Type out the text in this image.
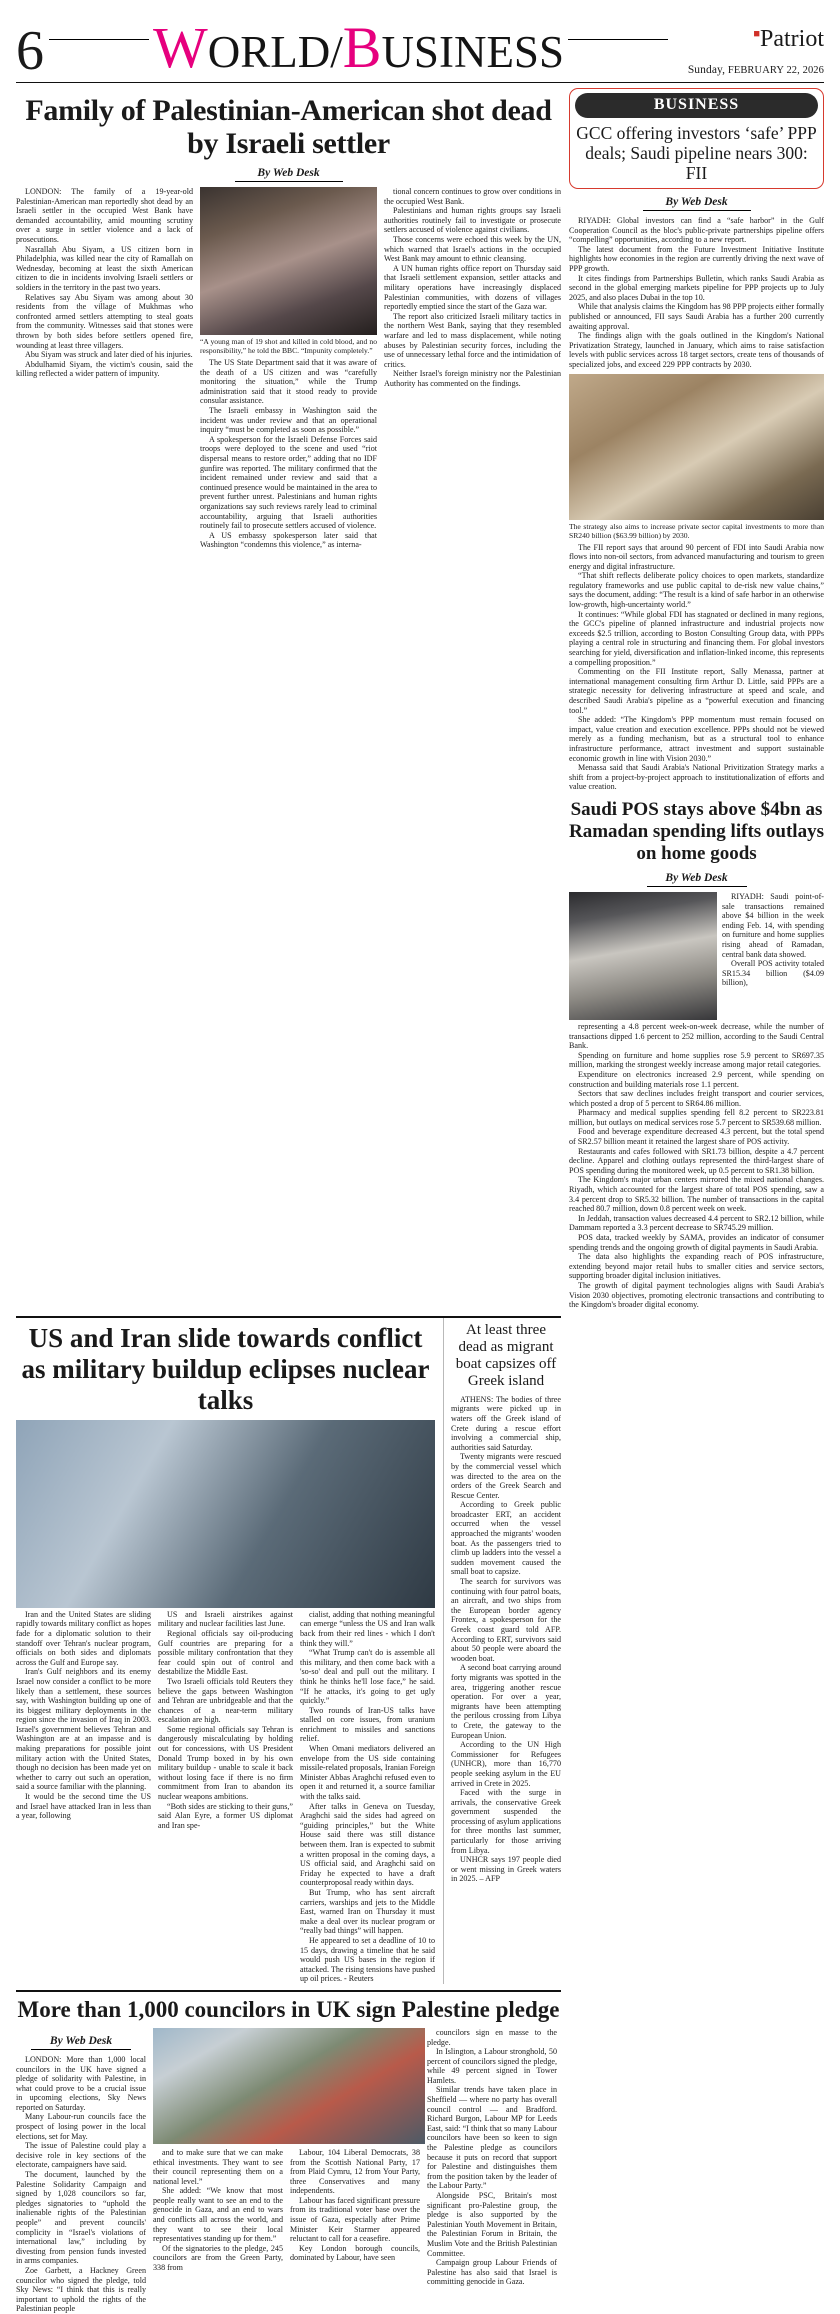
6 WORLD/BUSINESS	■Patriot
Sunday, FEBRUARY 22, 2026
Family of Palestinian-American shot dead by Israeli settler
By Web Desk

LONDON: The family of a 19-year-old Palestinian-American man reportedly shot dead by an Israeli settler in the occupied West Bank have demanded accountability, amid mounting scrutiny over a surge in settler violence and a lack of prosecutions.

Nasrallah Abu Siyam, a US citizen born in Philadelphia, was killed near the city of Ramallah on Wednesday, becoming at least the sixth American citizen to die in incidents involving Israeli settlers or soldiers in the territory in the past two years.

Relatives say Abu Siyam was among about 30 residents from the village of Mukhmas who confronted armed settlers attempting to steal goats from the community. Witnesses said that stones were thrown by both sides before settlers opened fire, wounding at least three villagers.

Abu Siyam was struck and later died of his injuries.

Abdulhamid Siyam, the victim's cousin, said the killing reflected a wider pattern of impunity.

“A young man of 19 shot and killed in cold blood, and no responsibility,” he told the BBC. “Impunity completely.”

The US State Department said that it was aware of the death of a US citizen and was “carefully monitoring the situation,” while the Trump administration said that it stood ready to provide consular assistance.

The Israeli embassy in Washington said the incident was under review and that an operational inquiry “must be completed as soon as possible.”

A spokesperson for the Israeli Defense Forces said troops were deployed to the scene and used “riot dispersal means to restore order,” adding that no IDF gunfire was reported. The military confirmed that the incident remained under review and said that a continued presence would be maintained in the area to prevent further unrest. Palestinians and human rights organizations say such reviews rarely lead to criminal accountability, arguing that Israeli authorities routinely fail to prosecute settlers accused of violence.

A US embassy spokesperson later said that Washington “condemns this violence,” as interna-

tional concern continues to grow over conditions in the occupied West Bank.

Palestinians and human rights groups say Israeli authorities routinely fail to investigate or prosecute settlers accused of violence against civilians.

Those concerns were echoed this week by the UN, which warned that Israel's actions in the occupied West Bank may amount to ethnic cleansing.

A UN human rights office report on Thursday said that Israeli settlement expansion, settler attacks and military operations have increasingly displaced Palestinian communities, with dozens of villages reportedly emptied since the start of the Gaza war.

The report also criticized Israeli military tactics in the northern West Bank, saying that they resembled warfare and led to mass displacement, while noting abuses by Palestinian security forces, including the use of unnecessary lethal force and the intimidation of critics.

Neither Israel's foreign ministry nor the Palestinian Authority has commented on the findings.

BUSINESS
GCC offering investors ‘safe’ PPP deals; Saudi pipeline nears 300: FII
By Web Desk

RIYADH: Global investors can find a “safe harbor” in the Gulf Cooperation Council as the bloc's public-private partnerships pipeline offers “compelling” opportunities, according to a new report.

The latest document from the Future Investment Initiative Institute highlights how economies in the region are currently driving the next wave of PPP growth.

It cites findings from Partnerships Bulletin, which ranks Saudi Arabia as second in the global emerging markets pipeline for PPP projects up to July 2025, and also places Dubai in the top 10.

While that analysis claims the Kingdom has 98 PPP projects either formally published or announced, FII says Saudi Arabia has a further 200 currently awaiting approval.

The findings align with the goals outlined in the Kingdom's National Privatization Strategy, launched in January, which aims to raise satisfaction levels with public services across 18 target sectors, create tens of thousands of specialized jobs, and exceed 229 PPP contracts by 2030.

The strategy also aims to increase private sector capital investments to more than SR240 billion ($63.99 billion) by 2030.

The FII report says that around 90 percent of FDI into Saudi Arabia now flows into non-oil sectors, from advanced manufacturing and tourism to green energy and digital infrastructure.

“That shift reflects deliberate policy choices to open markets, standardize regulatory frameworks and use public capital to de-risk new value chains,” says the document, adding: “The result is a kind of safe harbor in an otherwise low-growth, high-uncertainty world.”

It continues: “While global FDI has stagnated or declined in many regions, the GCC's pipeline of planned infrastructure and industrial projects now exceeds $2.5 trillion, according to Boston Consulting Group data, with PPPs playing a central role in structuring and financing them. For global investors searching for yield, diversification and inflation-linked income, this represents a compelling proposition.”

Commenting on the FII Institute report, Sally Menassa, partner at international management consulting firm Arthur D. Little, said PPPs are a strategic necessity for delivering infrastructure at speed and scale, and described Saudi Arabia's pipeline as a “powerful execution and financing tool.”

She added: “The Kingdom's PPP momentum must remain focused on impact, value creation and execution excellence. PPPs should not be viewed merely as a funding mechanism, but as a structural tool to enhance infrastructure performance, attract investment and support sustainable economic growth in line with Vision 2030.”

Menassa said that Saudi Arabia's National Privitization Strategy marks a shift from a project-by-project approach to institutionalization of efforts and value creation.

Saudi POS stays above $4bn as Ramadan spending lifts outlays on home goods
By Web Desk

RIYADH: Saudi point-of-sale transactions remained above $4 billion in the week ending Feb. 14, with spending on furniture and home supplies rising ahead of Ramadan, central bank data showed.

Overall POS activity totaled SR15.34 billion ($4.09 billion),

representing a 4.8 percent week-on-week decrease, while the number of transactions dipped 1.6 percent to 252 million, according to the Saudi Central Bank.

Spending on furniture and home supplies rose 5.9 percent to SR697.35 million, marking the strongest weekly increase among major retail categories.

Expenditure on electronics increased 2.9 percent, while spending on construction and building materials rose 1.1 percent.

Sectors that saw declines includes freight transport and courier services, which posted a drop of 5 percent to SR64.86 million.

Pharmacy and medical supplies spending fell 8.2 percent to SR223.81 million, but outlays on medical services rose 5.7 percent to SR539.68 million.

Food and beverage expenditure decreased 4.3 percent, but the total spend of SR2.57 billion meant it retained the largest share of POS activity.

Restaurants and cafes followed with SR1.73 billion, despite a 4.7 percent decline. Apparel and clothing outlays represented the third-largest share of POS spending during the monitored week, up 0.5 percent to SR1.38 billion.

The Kingdom's major urban centers mirrored the mixed national changes. Riyadh, which accounted for the largest share of total POS spending, saw a 3.4 percent drop to SR5.32 billion. The number of transactions in the capital reached 80.7 million, down 0.8 percent week on week.

In Jeddah, transaction values decreased 4.4 percent to SR2.12 billion, while Dammam reported a 3.3 percent decrease to SR745.29 million.

POS data, tracked weekly by SAMA, provides an indicator of consumer spending trends and the ongoing growth of digital payments in Saudi Arabia.

The data also highlights the expanding reach of POS infrastructure, extending beyond major retail hubs to smaller cities and service sectors, supporting broader digital inclusion initiatives.

The growth of digital payment technologies aligns with Saudi Arabia's Vision 2030 objectives, promoting electronic transactions and contributing to the Kingdom's broader digital economy.

US and Iran slide towards conflict as military buildup eclipses nuclear talks

Iran and the United States are sliding rapidly towards military conflict as hopes fade for a diplomatic solution to their standoff over Tehran's nuclear program, officials on both sides and diplomats across the Gulf and Europe say.

Iran's Gulf neighbors and its enemy Israel now consider a conflict to be more likely than a settlement, these sources say, with Washington building up one of its biggest military deployments in the region since the invasion of Iraq in 2003. Israel's government believes Tehran and Washington are at an impasse and is making preparations for possible joint military action with the United States, though no decision has been made yet on whether to carry out such an operation, said a source familiar with the planning.

It would be the second time the US and Israel have attacked Iran in less than a year, following

US and Israeli airstrikes against military and nuclear facilities last June.

Regional officials say oil-producing Gulf countries are preparing for a possible military confrontation that they fear could spin out of control and destabilize the Middle East.

Two Israeli officials told Reuters they believe the gaps between Washington and Tehran are unbridgeable and that the chances of a near-term military escalation are high.

Some regional officials say Tehran is dangerously miscalculating by holding out for concessions, with US President Donald Trump boxed in by his own military buildup - unable to scale it back without losing face if there is no firm commitment from Iran to abandon its nuclear weapons ambitions.

“Both sides are sticking to their guns,” said Alan Eyre, a former US diplomat and Iran spe-

cialist, adding that nothing meaningful can emerge “unless the US and Iran walk back from their red lines - which I don't think they will.”

“What Trump can't do is assemble all this military, and then come back with a 'so-so' deal and pull out the military. I think he thinks he'll lose face,” he said. “If he attacks, it's going to get ugly quickly.”

Two rounds of Iran-US talks have stalled on core issues, from uranium enrichment to missiles and sanctions relief.

When Omani mediators delivered an envelope from the US side containing missile-related proposals, Iranian Foreign Minister Abbas Araghchi refused even to open it and returned it, a source familiar with the talks said.

After talks in Geneva on Tuesday, Araghchi said the sides had agreed on “guiding principles,” but the White House said there was still distance between them. Iran is expected to submit a written proposal in the coming days, a US official said, and Araghchi said on Friday he expected to have a draft counterproposal ready within days.

But Trump, who has sent aircraft carriers, warships and jets to the Middle East, warned Iran on Thursday it must make a deal over its nuclear program or “really bad things” will happen.

He appeared to set a deadline of 10 to 15 days, drawing a timeline that he said would push US bases in the region if attacked. The rising tensions have pushed up oil prices. - Reuters

At least three dead as migrant boat capsizes off Greek island

ATHENS: The bodies of three migrants were picked up in waters off the Greek island of Crete during a rescue effort involving a commercial ship, authorities said Saturday.

Twenty migrants were rescued by the commercial vessel which was directed to the area on the orders of the Greek Search and Rescue Center.

According to Greek public broadcaster ERT, an accident occurred when the vessel approached the migrants' wooden boat. As the passengers tried to climb up ladders into the vessel a sudden movement caused the small boat to capsize.

The search for survivors was continuing with four patrol boats, an aircraft, and two ships from the European border agency Frontex, a spokesperson for the Greek coast guard told AFP. According to ERT, survivors said about 50 people were aboard the wooden boat.

A second boat carrying around forty migrants was spotted in the area, triggering another rescue operation. For over a year, migrants have been attempting the perilous crossing from Libya to Crete, the gateway to the European Union.

According to the UN High Commissioner for Refugees (UNHCR), more than 16,770 people seeking asylum in the EU arrived in Crete in 2025.

Faced with the surge in arrivals, the conservative Greek government suspended the processing of asylum applications for three months last summer, particularly for those arriving from Libya.

UNHCR says 197 people died or went missing in Greek waters in 2025. – AFP

More than 1,000 councilors in UK sign Palestine pledge
By Web Desk

LONDON: More than 1,000 local councilors in the UK have signed a pledge of solidarity with Palestine, in what could prove to be a crucial issue in upcoming elections, Sky News reported on Saturday.

Many Labour-run councils face the prospect of losing power in the local elections, set for May.

The issue of Palestine could play a decisive role in key sections of the electorate, campaigners have said.

The document, launched by the Palestine Solidarity Campaign and signed by 1,028 councilors so far, pledges signatories to “uphold the inalienable rights of the Palestinian people” and prevent councils' complicity in “Israel's violations of international law,” including by divesting from pension funds invested in arms companies.

Zoe Garbett, a Hackney Green councilor who signed the pledge, told Sky News: “I think that this is really important to uphold the rights of the Palestinian people

and to make sure that we can make ethical investments. They want to see their council representing them on a national level.”

She added: “We know that most people really want to see an end to the genocide in Gaza, and an end to wars and conflicts all across the world, and they want to see their local representatives standing up for them.”

Of the signatories to the pledge, 245 councilors are from the Green Party, 338 from

Labour, 104 Liberal Democrats, 38 from the Scottish National Party, 17 from Plaid Cymru, 12 from Your Party, three Conservatives and many independents.

Labour has faced significant pressure from its traditional voter base over the issue of Gaza, especially after Prime Minister Keir Starmer appeared reluctant to call for a ceasefire.

Key London borough councils, dominated by Labour, have seen

councilors sign en masse to the pledge.

In Islington, a Labour stronghold, 50 percent of councilors signed the pledge, while 49 percent signed in Tower Hamlets.

Similar trends have taken place in Sheffield — where no party has overall council control — and Bradford. Richard Burgon, Labour MP for Leeds East, said: “I think that so many Labour councilors have been so keen to sign the Palestine pledge as councilors because it puts on record that support for Palestine and distinguishes them from the position taken by the leader of the Labour Party.”

Alongside PSC, Britain's most significant pro-Palestine group, the pledge is also supported by the Palestinian Youth Movement in Britain, the Palestinian Forum in Britain, the Muslim Vote and the British Palestinian Committee.

Campaign group Labour Friends of Palestine has also said that Israel is committing genocide in Gaza.
